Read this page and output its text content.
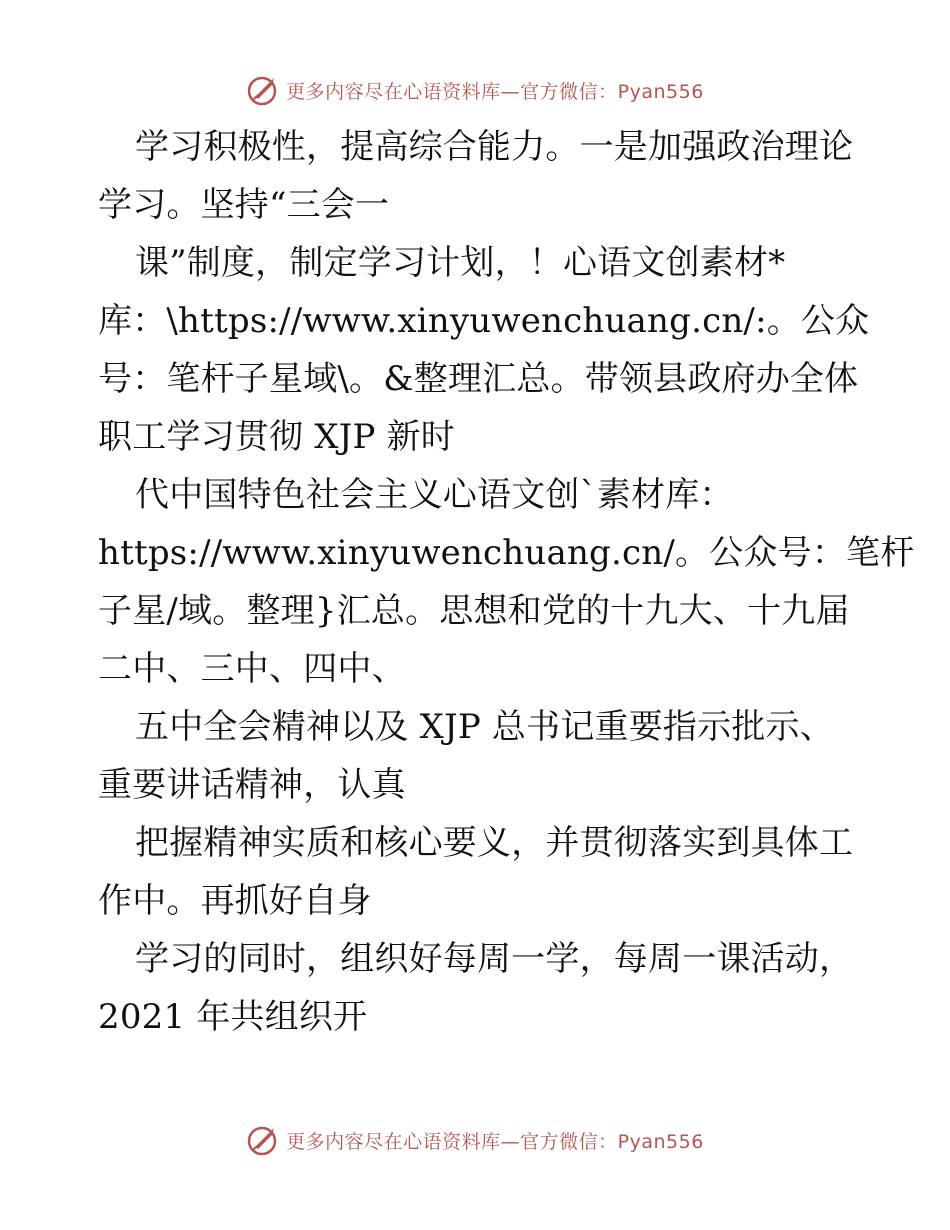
更多内容尽在心语资料库—官方微信：Pyan556
学习积极性，提高综合能力。一是加强政治理论
学习。坚持“三会一
课”制度，制定学习计划，！心语文创素材*
库：\https://www.xinyuwenchuang.cn/:。公众
号：笔杆子星域\。&整理汇总。带领县政府办全体
职工学习贯彻 XJP 新时
代中国特色社会主义心语文创`素材库：
https://www.xinyuwenchuang.cn/。公众号：笔杆
子星/域。整理}汇总。思想和党的十九大、十九届
二中、三中、四中、
五中全会精神以及 XJP 总书记重要指示批示、
重要讲话精神，认真
把握精神实质和核心要义，并贯彻落实到具体工
作中。再抓好自身
学习的同时，组织好每周一学，每周一课活动，
2021 年共组织开
更多内容尽在心语资料库—官方微信：Pyan556
